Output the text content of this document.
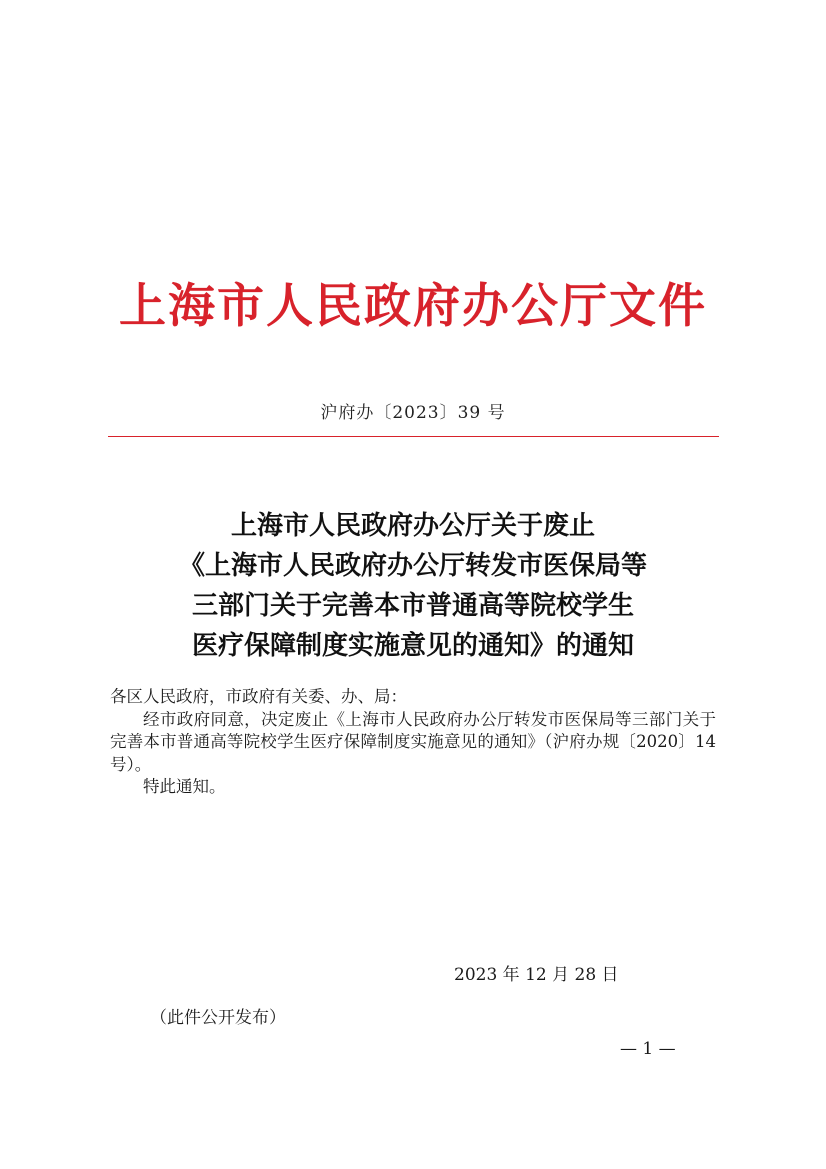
上海市人民政府办公厅文件
沪府办〔2023〕39 号
上海市人民政府办公厅关于废止
《上海市人民政府办公厅转发市医保局等
三部门关于完善本市普通高等院校学生
医疗保障制度实施意见的通知》的通知

各区人民政府，市政府有关委、办、局：

经市政府同意，决定废止《上海市人民政府办公厅转发市医保局等三部门关于完善本市普通高等院校学生医疗保障制度实施意见的通知》（沪府办规〔2020〕14 号）。

特此通知。

2023 年 12 月 28 日
（此件公开发布）
— 1 —
